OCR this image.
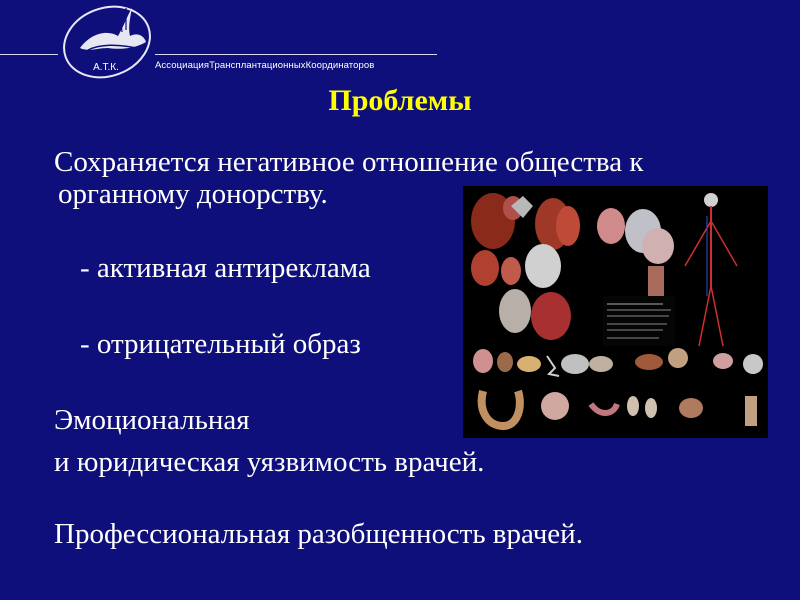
А.Т.К.	АссоциацияТрансплантационныхКоординаторов
Проблемы
Сохраняется негативное отношение общества к
органному донорству.
- активная антиреклама
- отрицательный образ
Эмоциональная
и юридическая уязвимость врачей.
Профессиональная разобщенность врачей.
